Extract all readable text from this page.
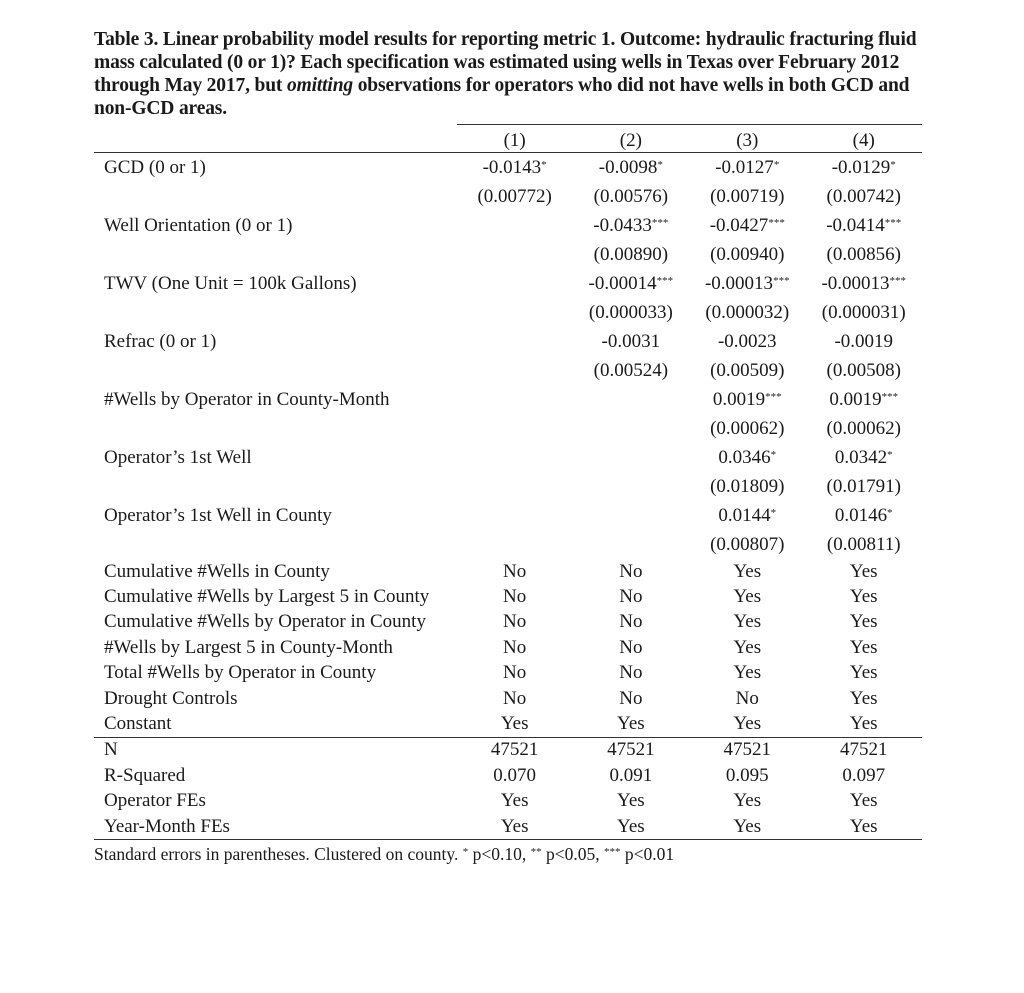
Table 3. Linear probability model results for reporting metric 1. Outcome: hydraulic fracturing fluid mass calculated (0 or 1)? Each specification was estimated using wells in Texas over February 2012 through May 2017, but omitting observations for operators who did not have wells in both GCD and non-GCD areas.
	(1)	(2)	(3)	(4)
GCD (0 or 1)	-0.0143*	-0.0098*	-0.0127*	-0.0129*
	(0.00772)	(0.00576)	(0.00719)	(0.00742)
Well Orientation (0 or 1)		-0.0433***	-0.0427***	-0.0414***
		(0.00890)	(0.00940)	(0.00856)
TWV (One Unit = 100k Gallons)		-0.00014***	-0.00013***	-0.00013***
		(0.000033)	(0.000032)	(0.000031)
Refrac (0 or 1)		-0.0031	-0.0023	-0.0019
		(0.00524)	(0.00509)	(0.00508)
#Wells by Operator in County-Month			0.0019***	0.0019***
			(0.00062)	(0.00062)
Operator’s 1st Well			0.0346*	0.0342*
			(0.01809)	(0.01791)
Operator’s 1st Well in County			0.0144*	0.0146*
			(0.00807)	(0.00811)
Cumulative #Wells in County	No	No	Yes	Yes
Cumulative #Wells by Largest 5 in County	No	No	Yes	Yes
Cumulative #Wells by Operator in County	No	No	Yes	Yes
#Wells by Largest 5 in County-Month	No	No	Yes	Yes
Total #Wells by Operator in County	No	No	Yes	Yes
Drought Controls	No	No	No	Yes
Constant	Yes	Yes	Yes	Yes
N	47521	47521	47521	47521
R-Squared	0.070	0.091	0.095	0.097
Operator FEs	Yes	Yes	Yes	Yes
Year-Month FEs	Yes	Yes	Yes	Yes
Standard errors in parentheses. Clustered on county. * p<0.10, ** p<0.05, *** p<0.01
